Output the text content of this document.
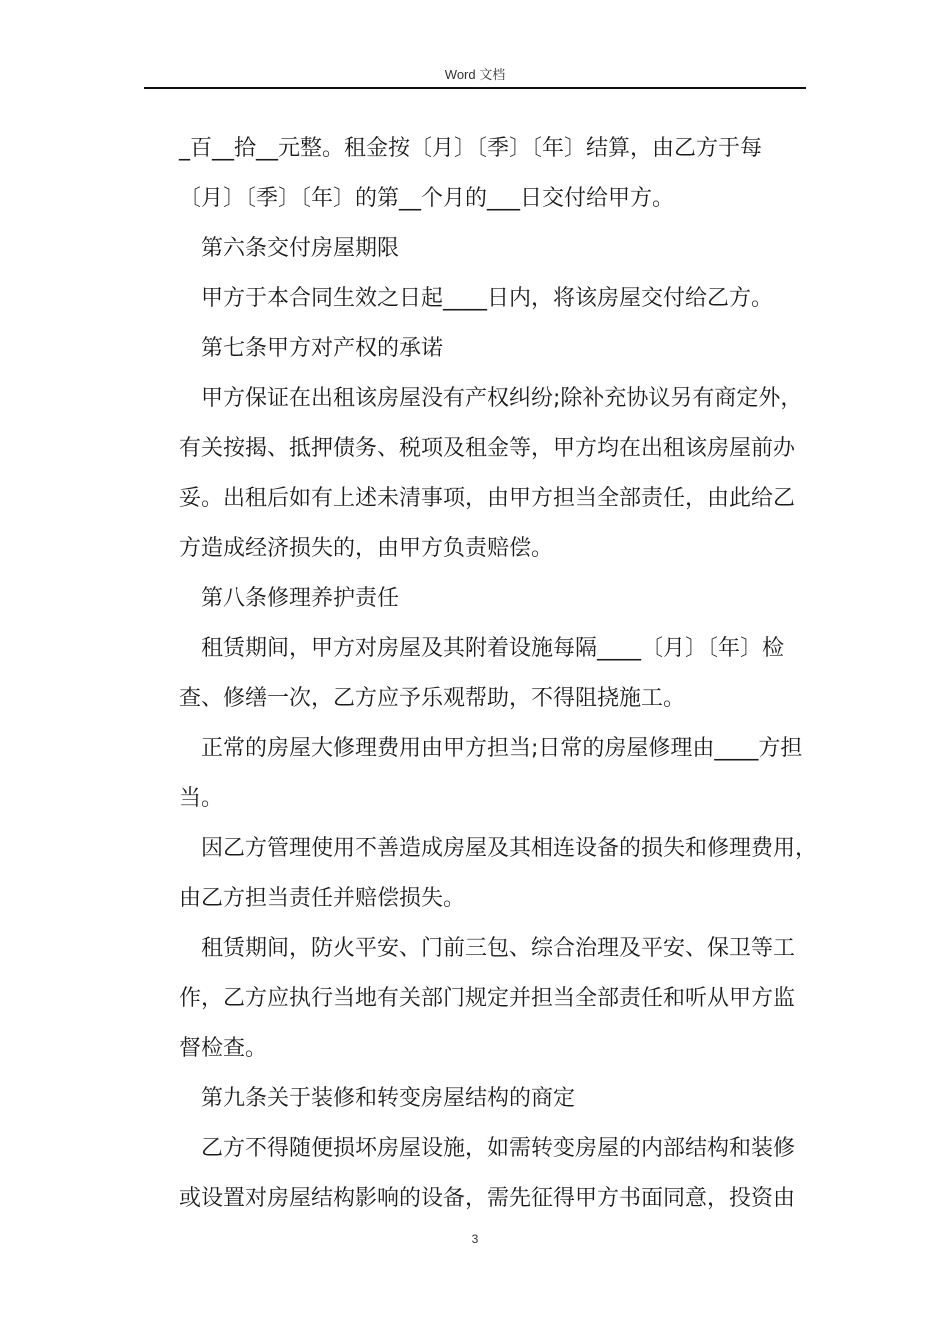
Word 文档

_百__拾__元整。租金按〔月〕〔季〕〔年〕结算，由乙方于每

〔月〕〔季〕〔年〕的第__个月的___日交付给甲方。

第六条交付房屋期限

甲方于本合同生效之日起____日内，将该房屋交付给乙方。

第七条甲方对产权的承诺

甲方保证在出租该房屋没有产权纠纷;除补充协议另有商定外，

有关按揭、抵押债务、税项及租金等，甲方均在出租该房屋前办

妥。出租后如有上述未清事项，由甲方担当全部责任，由此给乙

方造成经济损失的，由甲方负责赔偿。

第八条修理养护责任

租赁期间，甲方对房屋及其附着设施每隔____〔月〕〔年〕检

查、修缮一次，乙方应予乐观帮助，不得阻挠施工。

正常的房屋大修理费用由甲方担当;日常的房屋修理由____方担

当。

因乙方管理使用不善造成房屋及其相连设备的损失和修理费用，

由乙方担当责任并赔偿损失。

租赁期间，防火平安、门前三包、综合治理及平安、保卫等工

作，乙方应执行当地有关部门规定并担当全部责任和听从甲方监

督检查。

第九条关于装修和转变房屋结构的商定

乙方不得随便损坏房屋设施，如需转变房屋的内部结构和装修

或设置对房屋结构影响的设备，需先征得甲方书面同意，投资由

3
